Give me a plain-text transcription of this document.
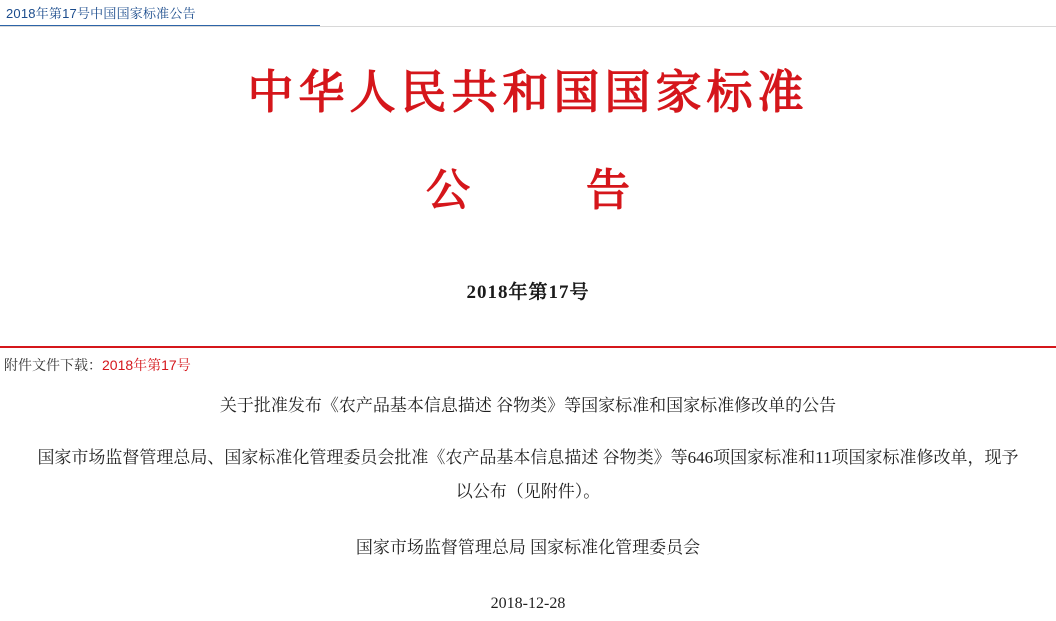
2018年第17号中国国家标准公告
中华人民共和国国家标准
公　告
2018年第17号
附件文件下载：2018年第17号
关于批准发布《农产品基本信息描述 谷物类》等国家标准和国家标准修改单的公告
国家市场监督管理总局、国家标准化管理委员会批准《农产品基本信息描述 谷物类》等646项国家标准和11项国家标准修改单，现予以公布（见附件）。
国家市场监督管理总局 国家标准化管理委员会
2018-12-28
